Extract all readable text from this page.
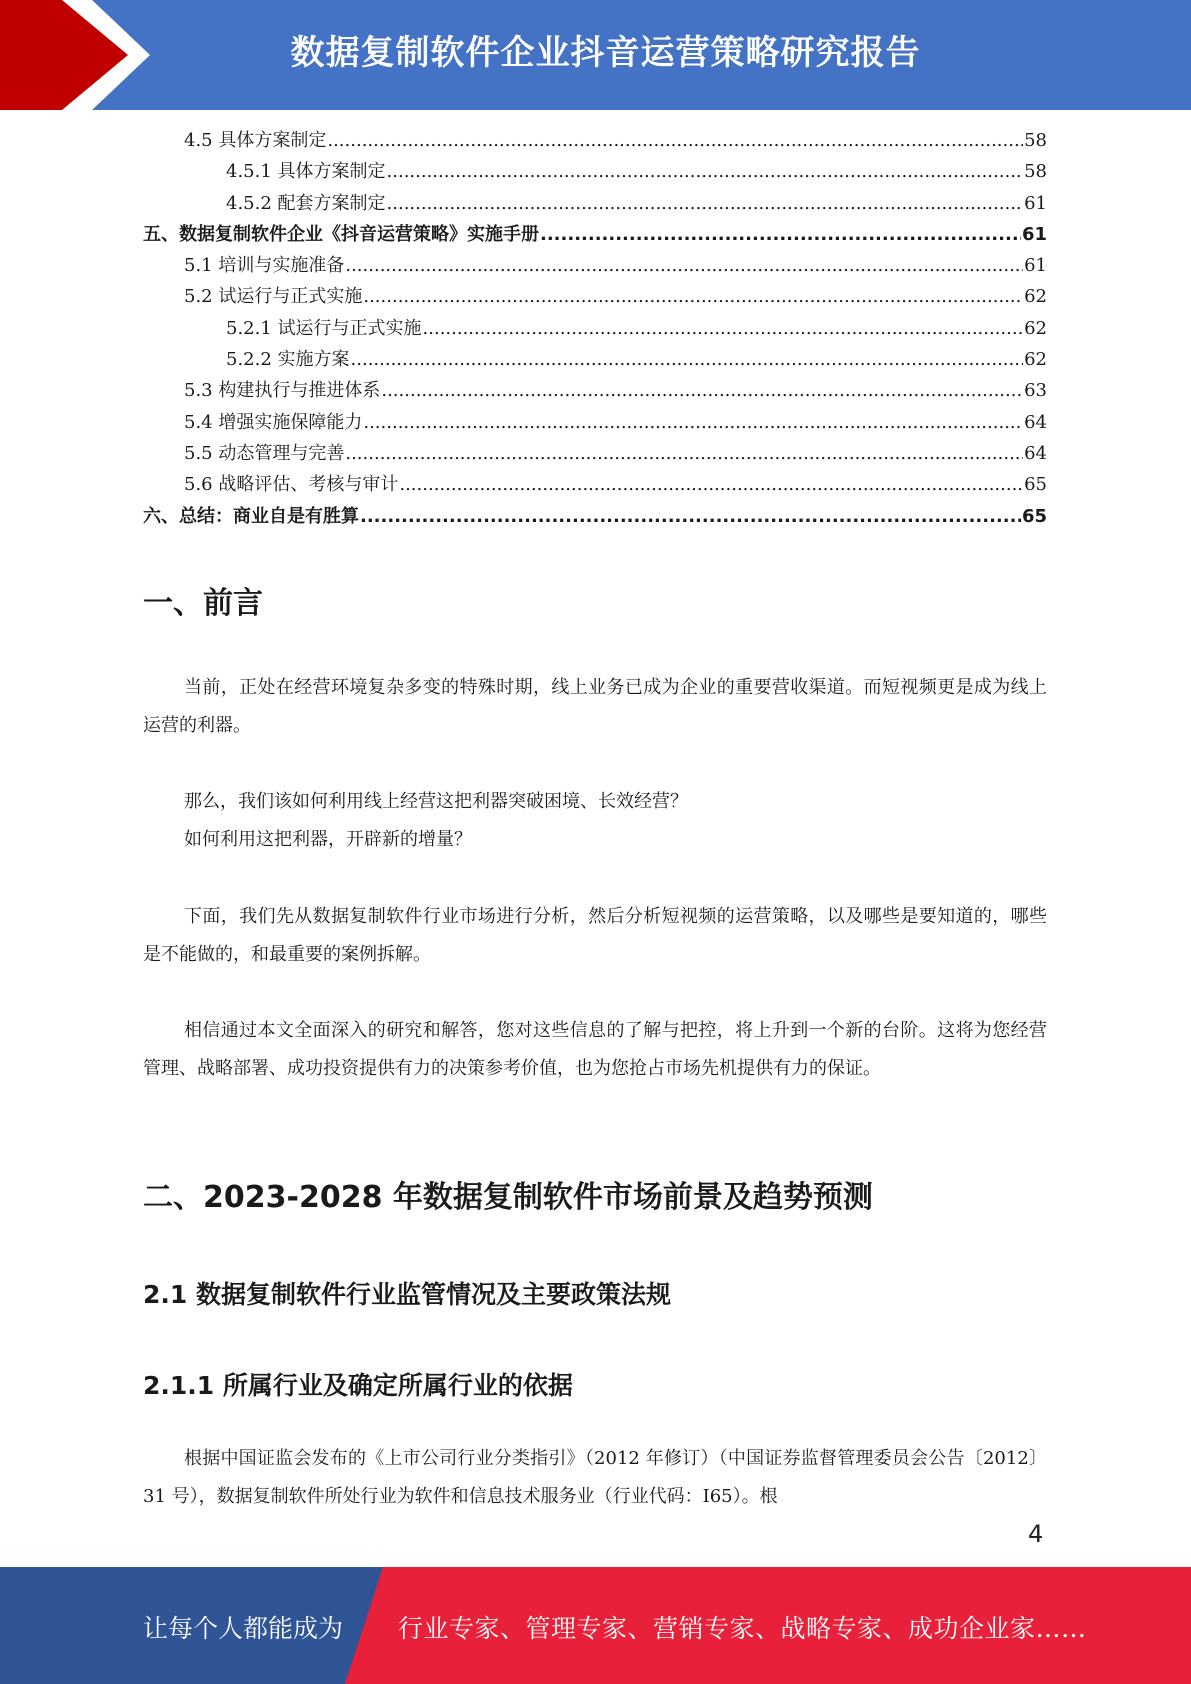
数据复制软件企业抖音运营策略研究报告
4.5 具体方案制定 .....	58
4.5.1 具体方案制定 .....	58
4.5.2 配套方案制定 .....	61
五、数据复制软件企业《抖音运营策略》实施手册 .....	61
5.1 培训与实施准备 .....	61
5.2 试运行与正式实施 .....	62
5.2.1 试运行与正式实施 .....	62
5.2.2 实施方案 .....	62
5.3 构建执行与推进体系 .....	63
5.4 增强实施保障能力 .....	64
5.5 动态管理与完善 .....	64
5.6 战略评估、考核与审计 .....	65
六、总结：商业自是有胜算 .....	65
一、前言

当前，正处在经营环境复杂多变的特殊时期，线上业务已成为企业的重要营收渠道。而短视频更是成为线上运营的利器。

那么，我们该如何利用线上经营这把利器突破困境、长效经营？

如何利用这把利器，开辟新的增量？

下面，我们先从数据复制软件行业市场进行分析，然后分析短视频的运营策略，以及哪些是要知道的，哪些是不能做的，和最重要的案例拆解。

相信通过本文全面深入的研究和解答，您对这些信息的了解与把控，将上升到一个新的台阶。这将为您经营管理、战略部署、成功投资提供有力的决策参考价值，也为您抢占市场先机提供有力的保证。

二、2023-2028 年数据复制软件市场前景及趋势预测
2.1 数据复制软件行业监管情况及主要政策法规
2.1.1 所属行业及确定所属行业的依据

根据中国证监会发布的《上市公司行业分类指引》（2012 年修订）（中国证券监督管理委员会公告〔2012〕31 号），数据复制软件所处行业为软件和信息技术服务业（行业代码：I65）。根

4
让每个人都能成为 行业专家、管理专家、营销专家、战略专家、成功企业家……
